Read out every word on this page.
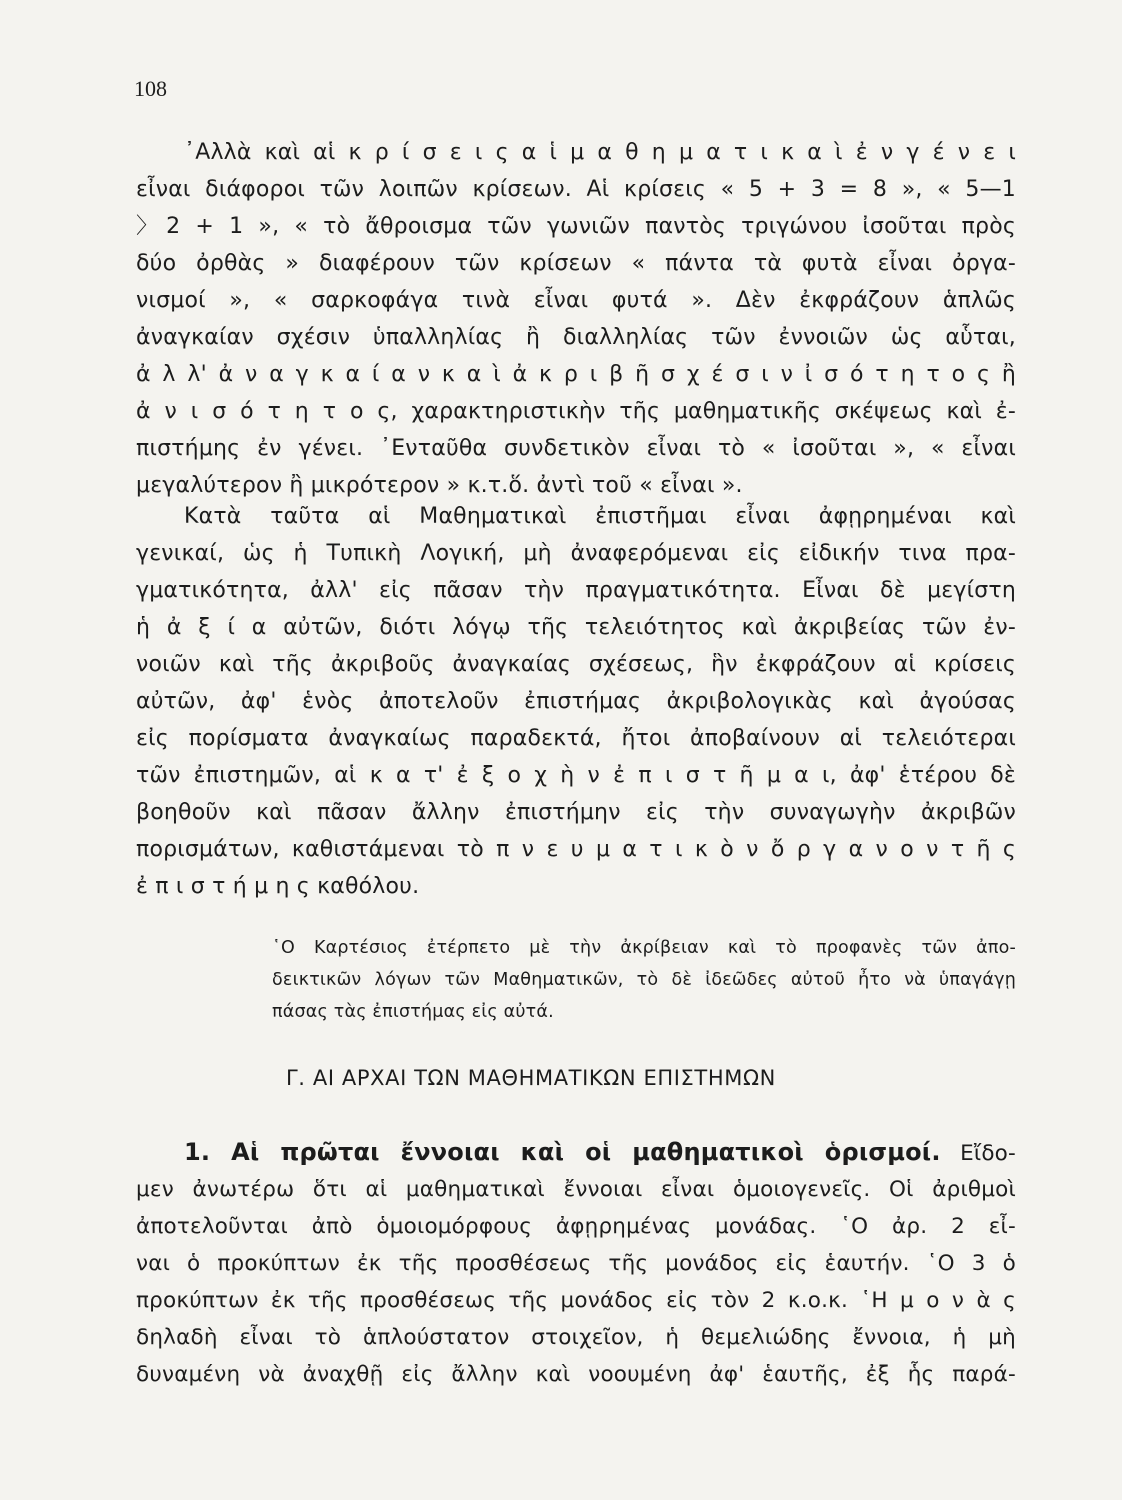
108
᾿Αλλὰ καὶ αἱ κ ρ ί σ ε ι ς α ἱ μ α θ η μ α τ ι κ α ὶ ἐ ν γ έ ν ε ι
εἶναι διάφοροι τῶν λοιπῶν κρίσεων. Αἱ κρίσεις « 5 + 3 = 8 », « 5—1
〉2 + 1 », « τὸ ἄθροισμα τῶν γωνιῶν παντὸς τριγώνου ἰσοῦται πρὸς
δύο ὀρθὰς » διαφέρουν τῶν κρίσεων « πάντα τὰ φυτὰ εἶναι ὀργα-
νισμοί », « σαρκοφάγα τινὰ εἶναι φυτά ». Δὲν ἐκφράζουν ἁπλῶς
ἀναγκαίαν σχέσιν ὑπαλληλίας ἢ διαλληλίας τῶν ἐννοιῶν ὡς αὗται,
ἀ λ λ' ἀ ν α γ κ α ί α ν κ α ὶ ἀ κ ρ ι β ῆ σ χ έ σ ι ν ἰ σ ό τ η τ ο ς ἢ
ἀ ν ι σ ό τ η τ ο ς, χαρακτηριστικὴν τῆς μαθηματικῆς σκέψεως καὶ ἐ-
πιστήμης ἐν γένει. ᾿Ενταῦθα συνδετικὸν εἶναι τὸ « ἰσοῦται », « εἶναι
μεγαλύτερον ἢ μικρότερον » κ.τ.ὅ. ἀντὶ τοῦ « εἶναι ».
Κατὰ ταῦτα αἱ Μαθηματικαὶ ἐπιστῆμαι εἶναι ἀφῃρημέναι καὶ
γενικαί, ὡς ἡ Τυπικὴ Λογική, μὴ ἀναφερόμεναι εἰς εἰδικήν τινα πρα-
γματικότητα, ἀλλ' εἰς πᾶσαν τὴν πραγματικότητα. Εἶναι δὲ μεγίστη
ἡ ἀ ξ ί α αὐτῶν, διότι λόγῳ τῆς τελειότητος καὶ ἀκριβείας τῶν ἐν-
νοιῶν καὶ τῆς ἀκριβοῦς ἀναγκαίας σχέσεως, ἣν ἐκφράζουν αἱ κρίσεις
αὐτῶν, ἀφ' ἑνὸς ἀποτελοῦν ἐπιστήμας ἀκριβολογικὰς καὶ ἀγούσας
εἰς πορίσματα ἀναγκαίως παραδεκτά, ἤτοι ἀποβαίνουν αἱ τελειότεραι
τῶν ἐπιστημῶν, αἱ κ α τ' ἐ ξ ο χ ὴ ν ἐ π ι σ τ ῆ μ α ι, ἀφ' ἑτέρου δὲ
βοηθοῦν καὶ πᾶσαν ἄλλην ἐπιστήμην εἰς τὴν συναγωγὴν ἀκριβῶν
πορισμάτων, καθιστάμεναι τὸ π ν ε υ μ α τ ι κ ὸ ν ὄ ρ γ α ν ο ν τ ῆ ς
ἐ π ι σ τ ή μ η ς καθόλου.
῾Ο Καρτέσιος ἐτέρπετο μὲ τὴν ἀκρίβειαν καὶ τὸ προφανὲς τῶν ἀπο-
δεικτικῶν λόγων τῶν Μαθηματικῶν, τὸ δὲ ἰδεῶδες αὐτοῦ ἦτο νὰ ὑπαγάγῃ
πάσας τὰς ἐπιστήμας εἰς αὐτά.
Γ. ΑΙ ΑΡΧΑΙ ΤΩΝ ΜΑΘΗΜΑΤΙΚΩΝ ΕΠΙΣΤΗΜΩΝ
1. Αἱ πρῶται ἔννοιαι καὶ οἱ μαθηματικοὶ ὁρισμοί. Εἴδο-
μεν ἀνωτέρω ὅτι αἱ μαθηματικαὶ ἔννοιαι εἶναι ὁμοιογενεῖς. Οἱ ἀριθμοὶ
ἀποτελοῦνται ἀπὸ ὁμοιομόρφους ἀφῃρημένας μονάδας. ῾Ο ἀρ. 2 εἶ-
ναι ὁ προκύπτων ἐκ τῆς προσθέσεως τῆς μονάδος εἰς ἑαυτήν. ῾Ο 3 ὁ
προκύπτων ἐκ τῆς προσθέσεως τῆς μονάδος εἰς τὸν 2 κ.ο.κ. ῾Η μ ο ν ὰ ς
δηλαδὴ εἶναι τὸ ἁπλούστατον στοιχεῖον, ἡ θεμελιώδης ἔννοια, ἡ μὴ
δυναμένη νὰ ἀναχθῇ εἰς ἄλλην καὶ νοουμένη ἀφ' ἑαυτῆς, ἐξ ἧς παρά-
